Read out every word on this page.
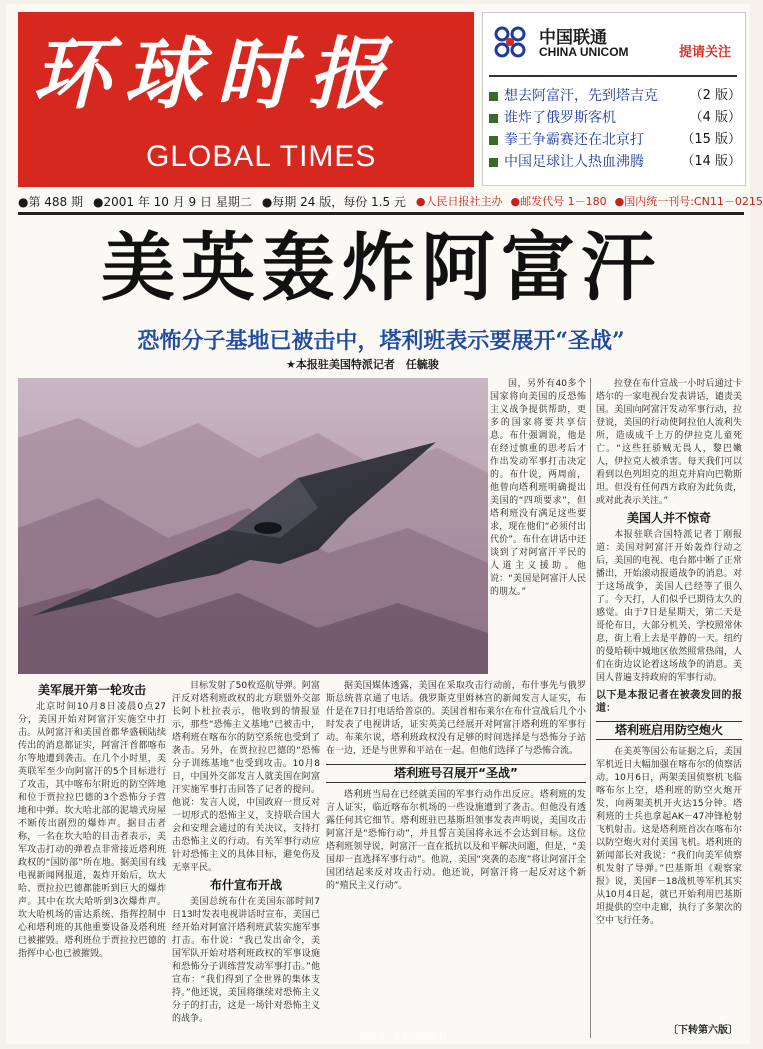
环球时报
GLOBAL TIMES
中国联通
CHINA UNICOM	提请关注
想去阿富汗，先到塔吉克	（2 版）
谁炸了俄罗斯客机	（4 版）
拳王争霸赛还在北京打	（15 版）
中国足球让人热血沸腾	（14 版）
●第 488 期 ●2001 年 10 月 9 日 星期二 ●每期 24 版，每份 1.5 元 ●人民日报社主办 ●邮发代号 1－180 ●国内统一刊号:CN11－0215
美英轰炸阿富汗
恐怖分子基地已被击中，塔利班表示要展开“圣战”
★本报驻美国特派记者　任毓骏
美国 B－2 隐形轰炸机

国，另外有40多个国家将向美国的反恐怖主义战争提供帮助，更多的国家将要共享信息。布什强调说，他是在经过慎重的思考后才作出发动军事打击决定的。布什说，两周前，他曾向塔利班明确提出美国的“四项要求”，但塔利班没有满足这些要求，现在他们“必须付出代价”。布什在讲话中还谈到了对阿富汗平民的人道主义援助。他说：“美国是阿富汗人民的朋友。”

美军展开第一轮攻击

北京时间10月8日凌晨0点27分，美国开始对阿富汗实施空中打击。从阿富汗和美国首都华盛顿陆续传出的消息都证实，阿富汗首都喀布尔等地遭到袭击。在几个小时里，美英联军至少向阿富汗的5个目标进行了攻击，其中喀布尔附近的防空阵地和位于贾拉拉巴德的3个恐怖分子营地和中弹。坎大哈北部的泥墙式房屋不断传出剧烈的爆炸声。据目击者称，一名在坎大哈的目击者表示，美军攻击打动的弹着点非常接近塔利班政权的“国防部”所在地。据美国有线电视新闻网报道，轰炸开始后，坎大哈、贾拉拉巴德都能听到巨大的爆炸声。其中在坎大哈听到3次爆炸声。坎大哈机场的雷达系统、指挥控制中心和塔利班的其他重要设备及塔利班已被摧毁。塔利班位于贾拉拉巴德的指挥中心也已被摧毁。

目标发射了50枚巡航导弹。阿富汗反对塔利班政权的北方联盟外交部长阿卜杜拉表示，他收到的情报显示，那些“恐怖主义基地”已被击中，塔利班在喀布尔的防空系统也受到了袭击。另外，在贾拉拉巴德的“恐怖分子训练基地”也受到攻击。10月8日，中国外交部发言人就美国在阿富汗实施军事打击回答了记者的提问。他说：发言人说，中国政府一贯反对一切形式的恐怖主义，支持联合国大会和安理会通过的有关决议，支持打击恐怖主义的行动。有关军事行动应针对恐怖主义的具体目标，避免伤及无辜平民。

布什宣布开战

美国总统布什在美国东部时间7日13时发表电视讲话时宣布，美国已经开始对阿富汗塔利班武装实施军事打击。布什说：“我已发出命令，美国军队开始对塔利班政权的军事设施和恐怖分子训练营发动军事打击。”他宣布：“我们得到了全世界的集体支持。”他还说，美国将继续对恐怖主义分子的打击，这是一场针对恐怖主义的战争。

据美国媒体透露，美国在采取攻击行动前，布什事先与俄罗斯总统普京通了电话。俄罗斯克里姆林宫的新闻发言人证实，布什是在7日打电话给普京的。美国首相布莱尔在布什宣战后几个小时发表了电视讲话，证实英美已经展开对阿富汗塔利班的军事行动。布莱尔说，塔利班政权没有足够的时间选择是与恐怖分子站在一边，还是与世界和平站在一起。但他们选择了与恐怖合流。

塔利班号召展开“圣战”

塔利班当局在已经就美国的军事行动作出反应。塔利班的发言人证实，临近喀布尔机场的一些设施遭到了袭击。但他没有透露任何其它细节。塔利班驻巴基斯坦领事发表声明说，美国攻击阿富汗是“恐怖行动”，并且誓言美国将永远不会达到目标。这位塔利班领导说，阿富汗一直在抵抗以及和平解决问题，但是，“美国却一直选择军事行动”。他说，美国“突袭的态度”将让阿富汗全国团结起来反对攻击行动。他还说，阿富汗将一起反对这个新的“殖民主义行动”。

拉登在布什宣战一小时后通过卡塔尔的一家电视台发表讲话，谴责美国。美国向阿富汗发动军事行动，拉登说，美国的行动使阿拉伯人流利失所，造成成千上万的伊拉克儿童死亡。“这些狂骄贼无畏人，黎巴嫩人，伊拉克人被杀害。每天我们可以看到以色列坦克的坦克并肩向巴勒斯坦。但没有任何西方政府为此负责，或对此表示关注。”

美国人并不惊奇

本报驻联合国特派记者丁刚报道：美国对阿富汗开始轰炸行动之后，美国的电视、电台都中断了正常播出，开始滚动报道战争的消息。对于这场战争，美国人已经等了很久了。今天打，人们似乎已期待太久的感觉。由于7日是星期天，第二天是哥伦布日，大部分机关、学校照常休息，街上看上去是平静的一天。纽约的曼哈顿中城地区依然照常热闹，人们在街边议论着这场战争的消息。美国人普遍支持政府的军事行动。

以下是本报记者在被袭发回的报道：
塔利班启用防空炮火

在美英等国公布证据之后，美国军机近日大幅加强在喀布尔的侦察活动。10月6日，两架美国侦察机飞临喀布尔上空，塔利班的防空火炮开发，向两架美机开火达15分钟。塔利班的士兵也拿起AK－47冲锋枪射飞机射击。这是塔利班首次在喀布尔以防空炮火对付美国飞机。塔利班的新闻部长对我说：“我们向美军侦察机发射了导弹。”巴基斯坦《观察家报》说，美国F－18战机等军机其实从10月4日起，就已开始利用巴基斯坦提供的空中走廊，执行了多架次的空中飞行任务。

〔下转第六版〕
